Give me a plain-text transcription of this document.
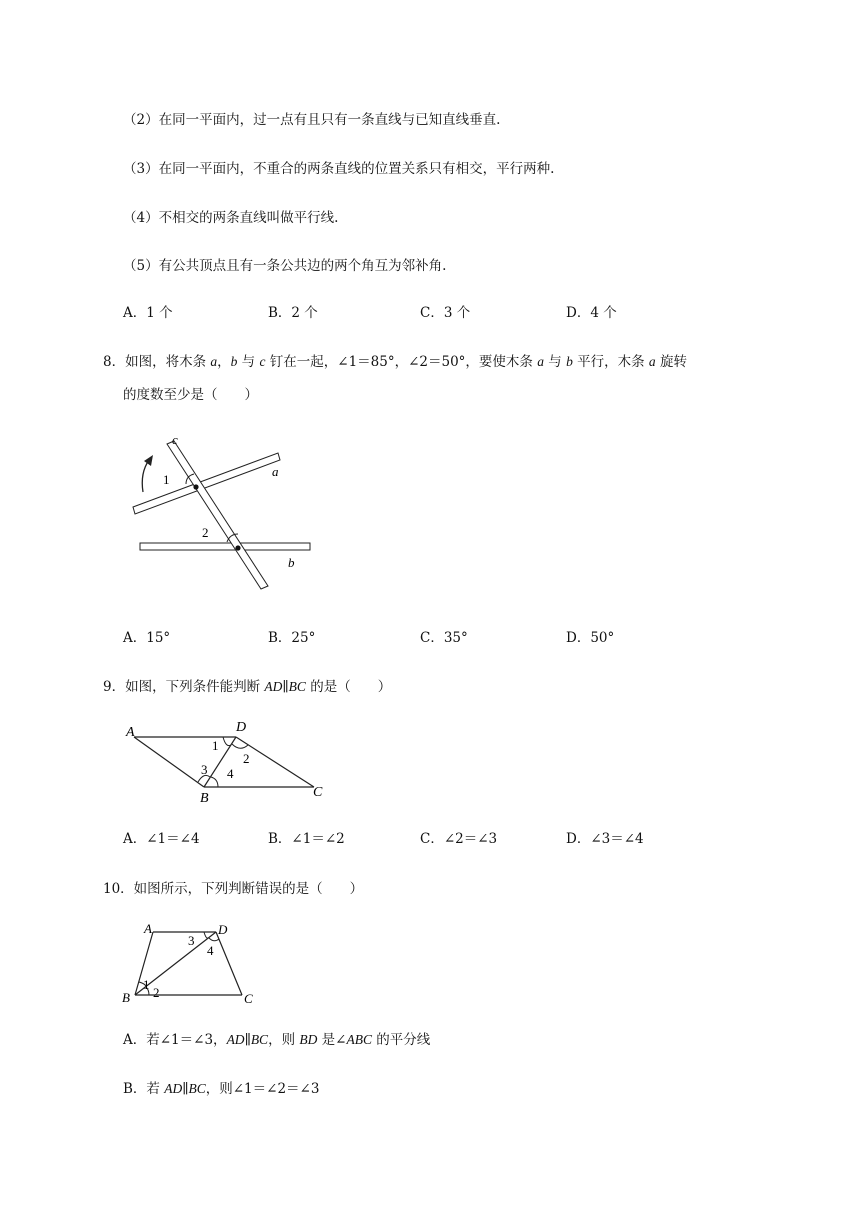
（2）在同一平面内，过一点有且只有一条直线与已知直线垂直.
（3）在同一平面内，不重合的两条直线的位置关系只有相交，平行两种.
（4）不相交的两条直线叫做平行线.
（5）有公共顶点且有一条公共边的两个角互为邻补角.
A．1 个	B．2 个	C．3 个	D．4 个
8．如图，将木条 a，b 与 c 钉在一起，∠1＝85°，∠2＝50°，要使木条 a 与 b 平行，木条 a 旋转
的度数至少是（　　）
c
a
b
1
2
A．15°	B．25°	C．35°	D．50°
9．如图，下列条件能判断 AD∥BC 的是（　　）
A	D
B	C
1
2
3 4
A．∠1＝∠4	B．∠1＝∠2	C．∠2＝∠3	D．∠3＝∠4
10．如图所示，下列判断错误的是（　　）
A	D
B	C
3
4
1
2
A．若∠1＝∠3，AD∥BC，则 BD 是∠ABC 的平分线
B．若 AD∥BC，则∠1＝∠2＝∠3
